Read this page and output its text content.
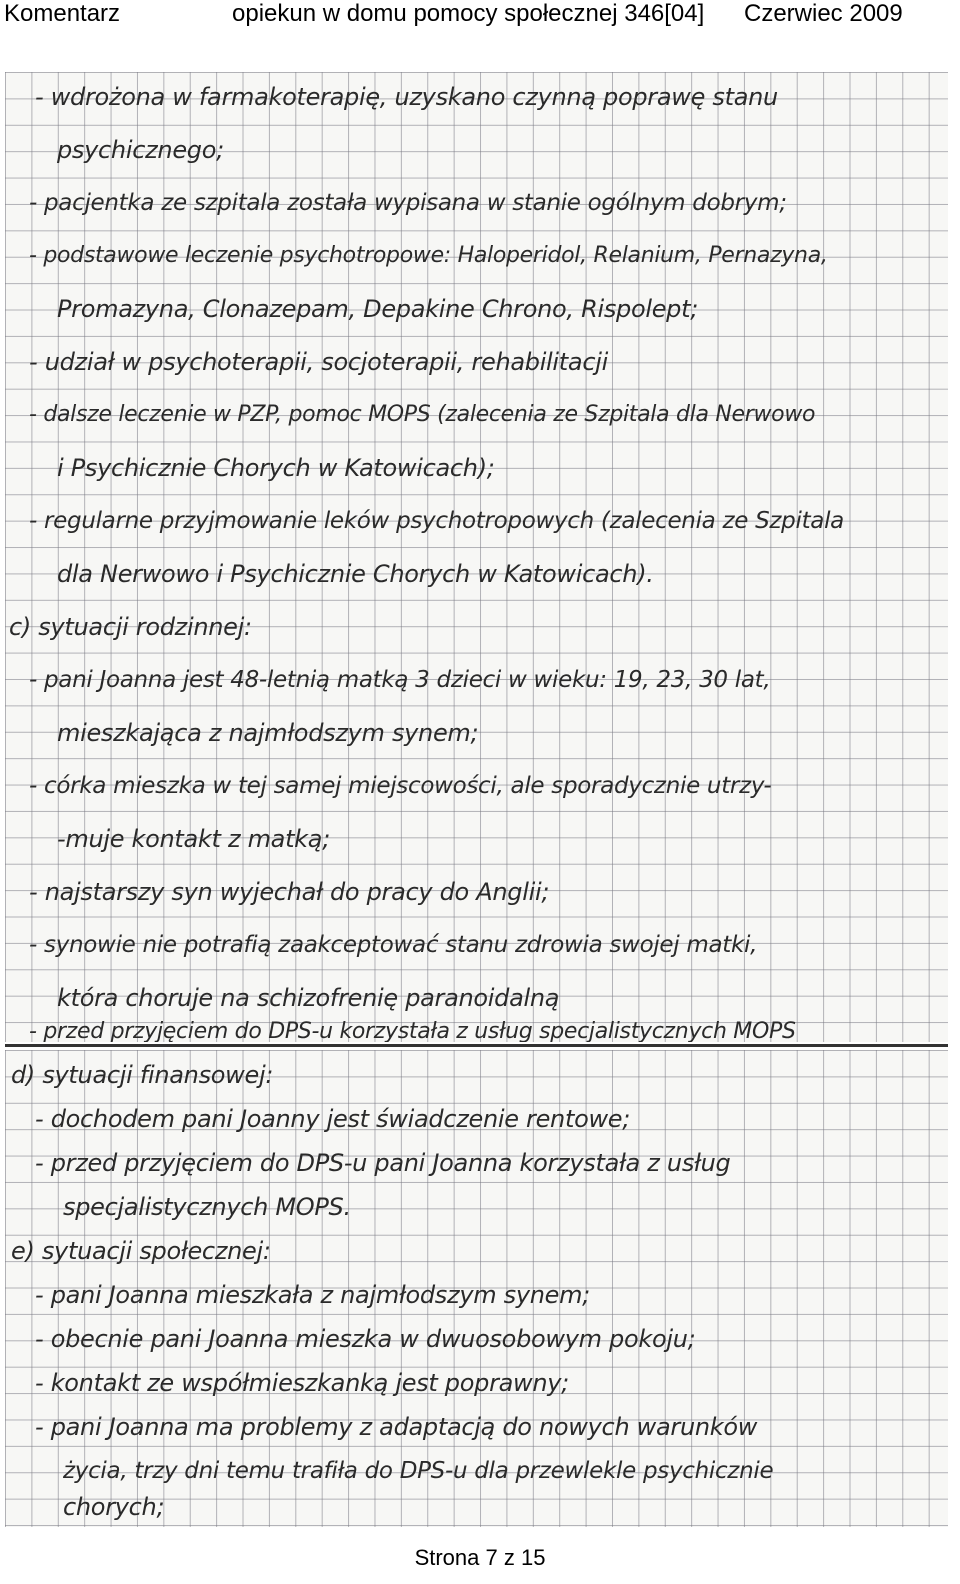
Komentarz	opiekun w domu pomocy społecznej 346[04] Czerwiec 2009
- wdrożona w farmakoterapię, uzyskano czynną poprawę stanu
psychicznego;
- pacjentka ze szpitala została wypisana w stanie ogólnym dobrym;
- podstawowe leczenie psychotropowe: Haloperidol, Relanium, Pernazyna,
Promazyna, Clonazepam, Depakine Chrono, Rispolept;
- udział w psychoterapii, socjoterapii, rehabilitacji
- dalsze leczenie w PZP, pomoc MOPS (zalecenia ze Szpitala dla Nerwowo
i Psychicznie Chorych w Katowicach);
- regularne przyjmowanie leków psychotropowych (zalecenia ze Szpitala
dla Nerwowo i Psychicznie Chorych w Katowicach).
c) sytuacji rodzinnej:
- pani Joanna jest 48-letnią matką 3 dzieci w wieku: 19, 23, 30 lat,
mieszkająca z najmłodszym synem;
- córka mieszka w tej samej miejscowości, ale sporadycznie utrzy-
-muje kontakt z matką;
- najstarszy syn wyjechał do pracy do Anglii;
- synowie nie potrafią zaakceptować stanu zdrowia swojej matki,
która choruje na schizofrenię paranoidalną
- przed przyjęciem do DPS-u korzystała z usług specjalistycznych MOPS
d) sytuacji finansowej:
- dochodem pani Joanny jest świadczenie rentowe;
- przed przyjęciem do DPS-u pani Joanna korzystała z usług
specjalistycznych MOPS.
e) sytuacji społecznej:
- pani Joanna mieszkała z najmłodszym synem;
- obecnie pani Joanna mieszka w dwuosobowym pokoju;
- kontakt ze współmieszkanką jest poprawny;
- pani Joanna ma problemy z adaptacją do nowych warunków
życia, trzy dni temu trafiła do DPS-u dla przewlekle psychicznie
chorych;
Strona 7 z 15
